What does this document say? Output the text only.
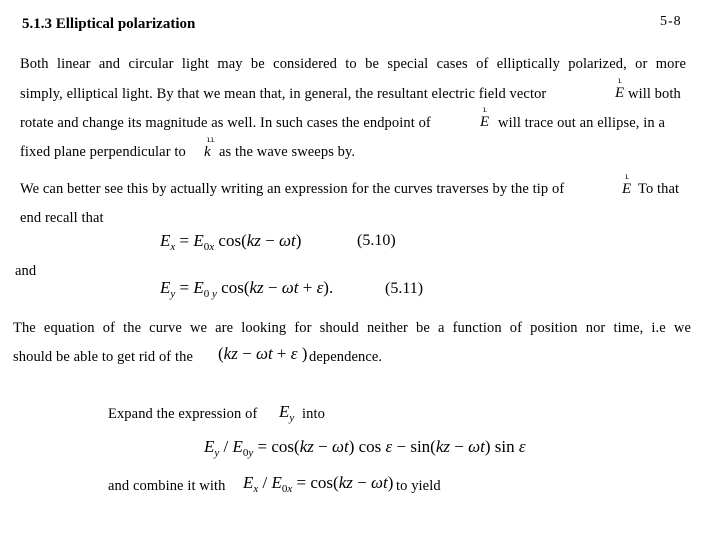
5.1.3 Elliptical polarization	5-8
Both linear and circular light may be considered to be special cases of elliptically polarized, or more
simply, elliptical light. By that we mean that, in general, the resultant electric field vector
ւ
E will both
rotate and change its magnitude as well. In such cases the endpoint of
ւ
E will trace out an ellipse, in a
fixed plane perpendicular to
ււ
k as the wave sweeps by.
We can better see this by actually writing an expression for the curves traverses by the tip of
ւ
E To that
end recall that
$E_x = E_{0x}$ cos(kz − ωt)	(5.10)
and
$E_y = E_{0 y}$ cos(kz − ωt + ε).	(5.11)
The equation of the curve we are looking for should neither be a function of position nor time, i.e we
should be able to get rid of the (kz − ωt + ε ) dependence.
Expand the expression of $E_y$ into
$E_y / E_{0y} = \cos(kz - \omega t)$ cos ε − sin(kz − ωt) sin ε
and combine it with $E_x / E_{0x} = \cos(kz - \omega t)$ to yield
